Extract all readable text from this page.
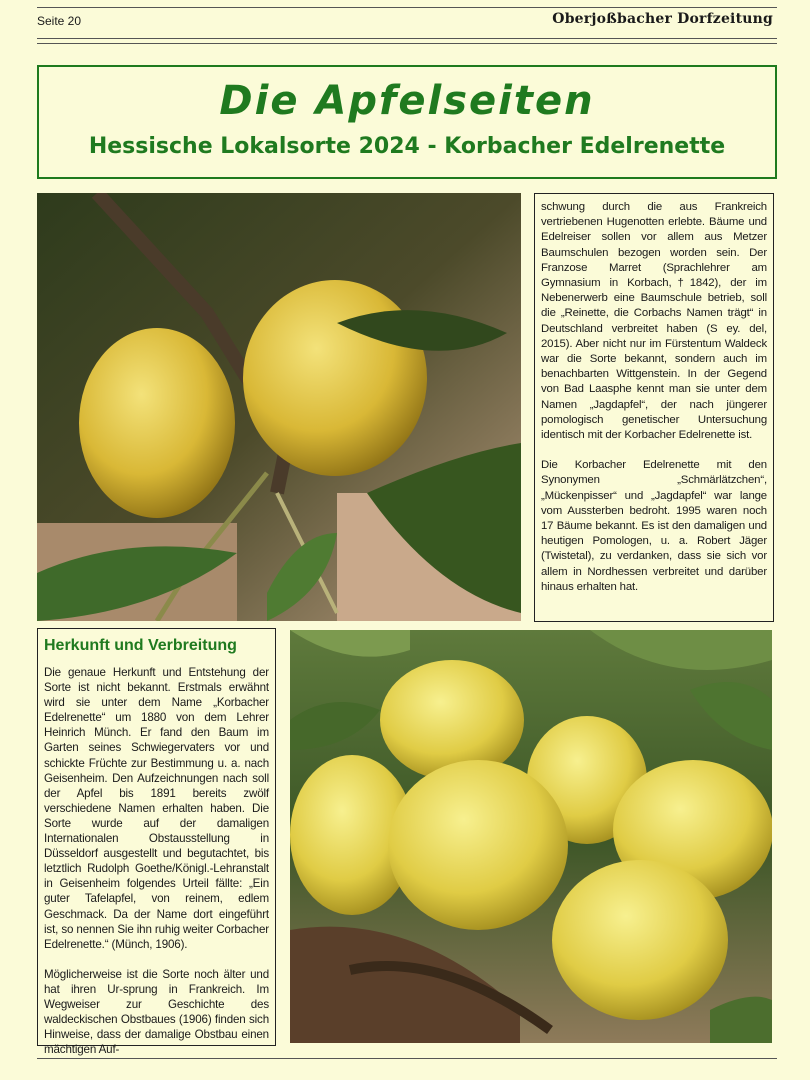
Seite 20	Oberjoßbacher Dorfzeitung
Die Apfelseiten
Hessische Lokalsorte 2024 - Korbacher Edelrenette

schwung durch die aus Frankreich vertriebenen Hugenotten erlebte. Bäume und Edelreiser sollen vor allem aus Metzer Baumschulen bezogen worden sein. Der Franzose Marret (Sprachlehrer am Gymnasium in Korbach,†1842), der im Nebenerwerb eine Baumschule betrieb, soll die „Reinette, die Corbachs Namen trägt“ in Deutschland verbreitet haben (S ey. del, 2015). Aber nicht nur im Fürstentum Waldeck war die Sorte bekannt, sondern auch im benachbarten Wittgenstein. In der Gegend von Bad Laasphe kennt man sie unter dem Namen „Jagdapfel“, der nach jüngerer pomologisch genetischer Untersuchung identisch mit der Korbacher Edelrenette ist.

Die Korbacher Edelrenette mit den Synonymen „Schmärlätzchen“, „Mückenpisser“ und „Jagdapfel“ war lange vom Aussterben bedroht. 1995 waren noch 17 Bäume bekannt. Es ist den damaligen und heutigen Pomologen, u. a. Robert Jäger (Twistetal), zu verdanken, dass sie sich vor allem in Nordhessen verbreitet und darüber hinaus erhalten hat.

Herkunft und Verbreitung

Die genaue Herkunft und Entstehung der Sorte ist nicht bekannt. Erstmals erwähnt wird sie unter dem Name „Korbacher Edelrenette“ um 1880 von dem Lehrer Heinrich Münch. Er fand den Baum im Garten seines Schwiegervaters vor und schickte Früchte zur Bestimmung u. a. nach Geisenheim. Den Aufzeichnungen nach soll der Apfel bis 1891 bereits zwölf verschiedene Namen erhalten haben. Die Sorte wurde auf der damaligen Internationalen Obstausstellung in Düsseldorf ausgestellt und begutachtet, bis letztlich Rudolph Goethe/Königl.-Lehranstalt in Geisenheim folgendes Urteil fällte: „Ein guter Tafelapfel, von reinem, edlem Geschmack. Da der Name dort eingeführt ist, so nennen Sie ihn ruhig weiter Corbacher Edelrenette.“ (Münch, 1906).

Möglicherweise ist die Sorte noch älter und hat ihren Ur-sprung in Frankreich. Im Wegweiser zur Geschichte des waldeckischen Obstbaues (1906) finden sich Hinweise, dass der damalige Obstbau einen mächtigen Auf-
